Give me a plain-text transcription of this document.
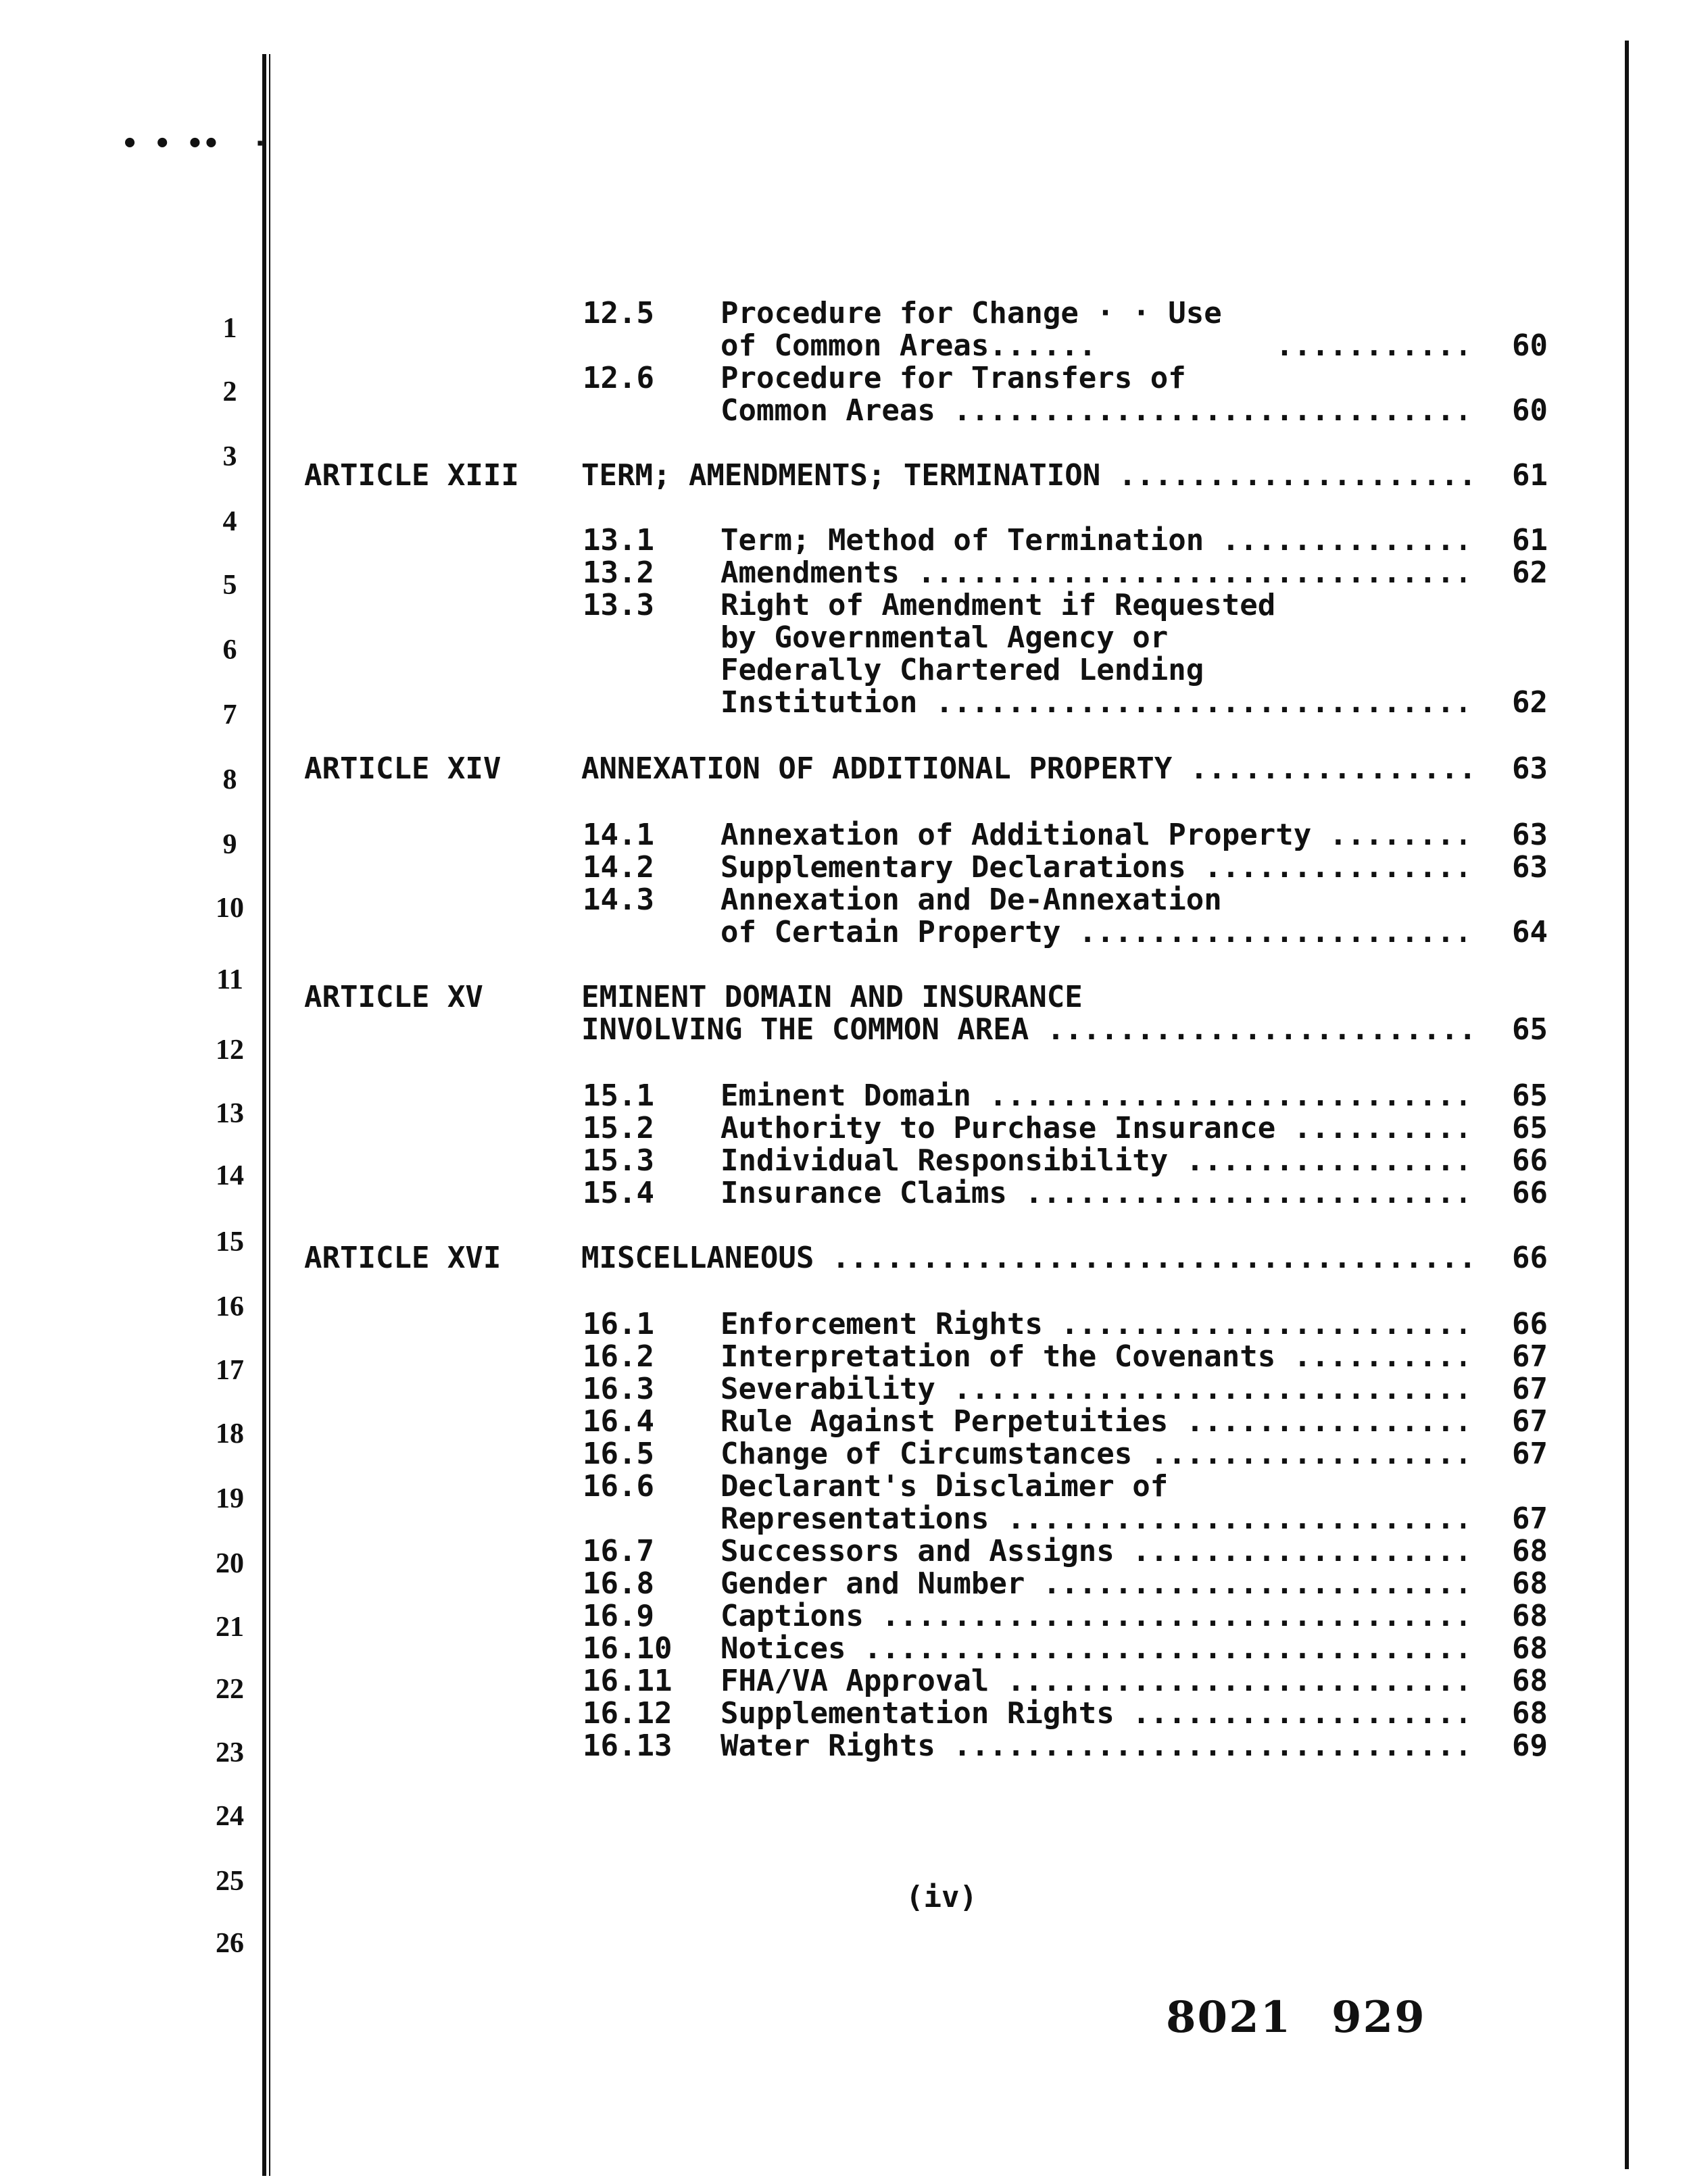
• • ••  ·
1
2
3
4
5
6
7
8
9
10
11
12
13
14
15
16
17
18
19
20
21
22
23
24
25
26
12.5 Procedure for Change · · Use
of Common Areas......          .....	60
12.6 Procedure for Transfers of
Common Areas .....	60
ARTICLE XIII TERM; AMENDMENTS; TERMINATION .....	61
13.1 Term; Method of Termination .....	61
13.2 Amendments .....	62
13.3 Right of Amendment if Requested
by Governmental Agency or
Federally Chartered Lending
Institution .....	62
ARTICLE XIV	ANNEXATION OF ADDITIONAL PROPERTY .....	63
14.1 Annexation of Additional Property .....	63
14.2 Supplementary Declarations .....	63
14.3 Annexation and De-Annexation
of Certain Property .....	64
ARTICLE XV	EMINENT DOMAIN AND INSURANCE
INVOLVING THE COMMON AREA .....	65
15.1 Eminent Domain .....	65
15.2 Authority to Purchase Insurance .....	65
15.3 Individual Responsibility .....	66
15.4 Insurance Claims .....	66
ARTICLE XVI	MISCELLANEOUS .....	66
16.1 Enforcement Rights .....	66
16.2 Interpretation of the Covenants .....	67
16.3 Severability .....	67
16.4 Rule Against Perpetuities .....	67
16.5 Change of Circumstances .....	67
16.6 Declarant's Disclaimer of
Representations .....	67
16.7 Successors and Assigns .....	68
16.8 Gender and Number .....	68
16.9 Captions .....	68
16.10 Notices .....	68
16.11 FHA/VA Approval .....	68
16.12 Supplementation Rights .....	68
16.13 Water Rights .....	69
(iv)
8021 929
